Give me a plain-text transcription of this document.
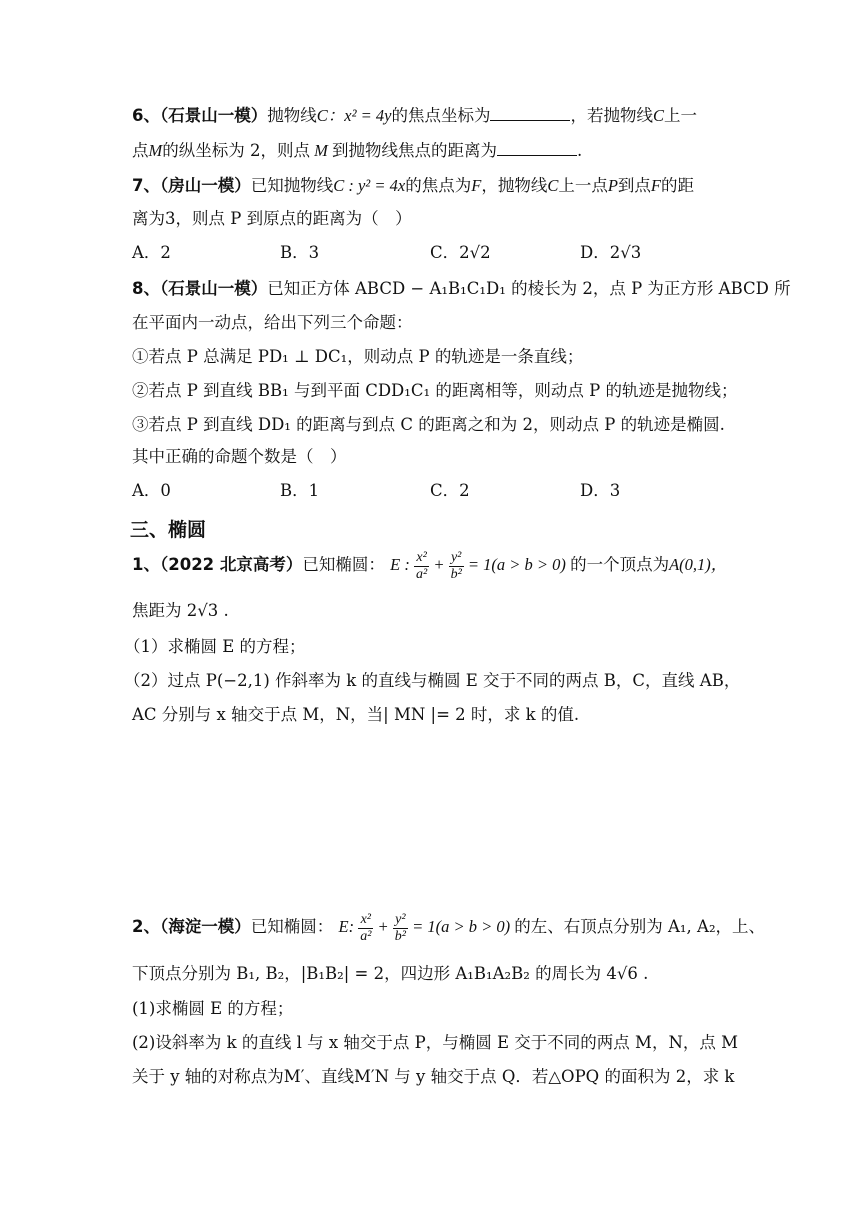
6、（石景山一模）抛物线C：x² = 4y的焦点坐标为	，若抛物线C上一
点M的纵坐标为 2，则点 M 到抛物线焦点的距离为	.
7、（房山一模）已知抛物线C : y² = 4x的焦点为F，抛物线C上一点P到点F的距
离为3，则点 P 到原点的距离为（　）
A．2	B．3	C．2√2	D．2√3
8、（石景山一模）已知正方体 ABCD − A₁B₁C₁D₁ 的棱长为 2，点 P 为正方形 ABCD 所
在平面内一动点，给出下列三个命题：
①若点 P 总满足 PD₁ ⊥ DC₁，则动点 P 的轨迹是一条直线；
②若点 P 到直线 BB₁ 与到平面 CDD₁C₁ 的距离相等，则动点 P 的轨迹是抛物线；
③若点 P 到直线 DD₁ 的距离与到点 C 的距离之和为 2，则动点 P 的轨迹是椭圆.
其中正确的命题个数是（　）
A．0	B．1	C．2	D．3
三、椭圆
1、（2022 北京高考）已知椭圆： E : $\frac{\text{x²}}{\text{a²}} + \frac{\text{y²}}{\text{b²}} = 1(a > b > 0)$ 的一个顶点为A(0,1)，
焦距为 2√3 .
（1）求椭圆 E 的方程；
（2）过点 P(−2,1) 作斜率为 k 的直线与椭圆 E 交于不同的两点 B，C，直线 AB，
AC 分别与 x 轴交于点 M，N，当| MN |= 2 时，求 k 的值.
2、（海淀一模）已知椭圆： E: $\frac{\text{x²}}{\text{a²}} + \frac{\text{y²}}{\text{b²}} = 1(a > b > 0)$ 的左、右顶点分别为 A₁, A₂，上、
下顶点分别为 B₁, B₂，|B₁B₂| = 2，四边形 A₁B₁A₂B₂ 的周长为 4√6 .
(1)求椭圆 E 的方程；
(2)设斜率为 k 的直线 l 与 x 轴交于点 P，与椭圆 E 交于不同的两点 M，N，点 M
关于 y 轴的对称点为M′、直线M′N 与 y 轴交于点 Q．若△OPQ 的面积为 2，求 k
